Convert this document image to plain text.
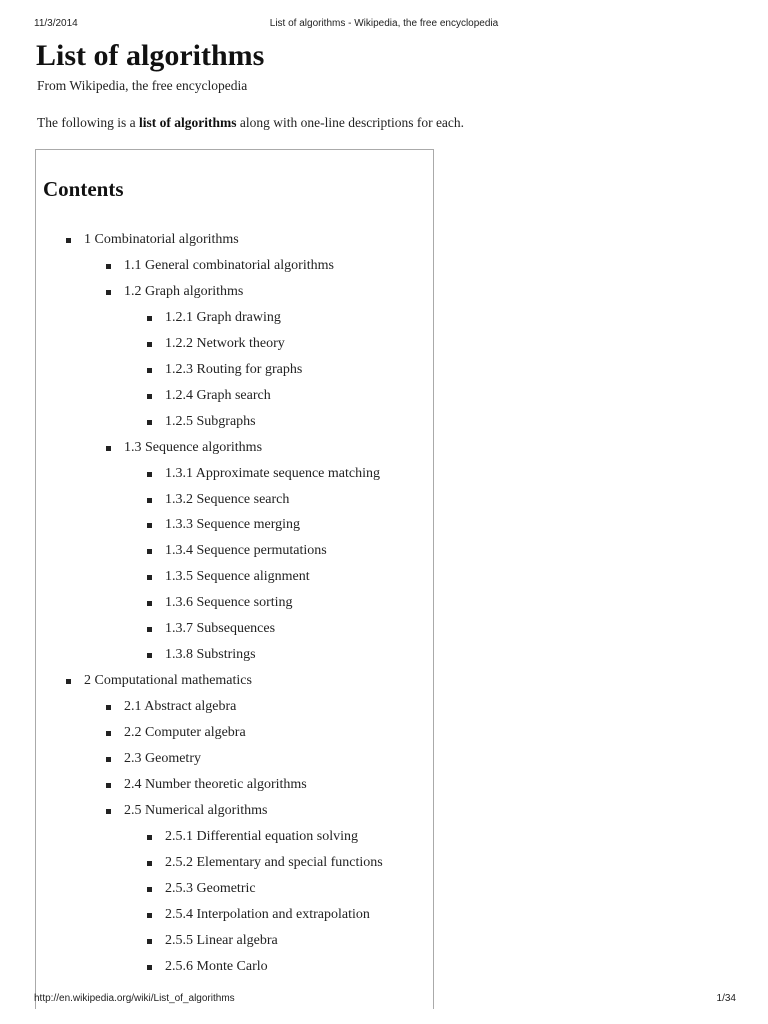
11/3/2014	List of algorithms - Wikipedia, the free encyclopedia
List of algorithms
From Wikipedia, the free encyclopedia
The following is a list of algorithms along with one-line descriptions for each.
Contents
1 Combinatorial algorithms
1.1 General combinatorial algorithms
1.2 Graph algorithms
1.2.1 Graph drawing
1.2.2 Network theory
1.2.3 Routing for graphs
1.2.4 Graph search
1.2.5 Subgraphs
1.3 Sequence algorithms
1.3.1 Approximate sequence matching
1.3.2 Sequence search
1.3.3 Sequence merging
1.3.4 Sequence permutations
1.3.5 Sequence alignment
1.3.6 Sequence sorting
1.3.7 Subsequences
1.3.8 Substrings
2 Computational mathematics
2.1 Abstract algebra
2.2 Computer algebra
2.3 Geometry
2.4 Number theoretic algorithms
2.5 Numerical algorithms
2.5.1 Differential equation solving
2.5.2 Elementary and special functions
2.5.3 Geometric
2.5.4 Interpolation and extrapolation
2.5.5 Linear algebra
2.5.6 Monte Carlo
http://en.wikipedia.org/wiki/List_of_algorithms	1/34
